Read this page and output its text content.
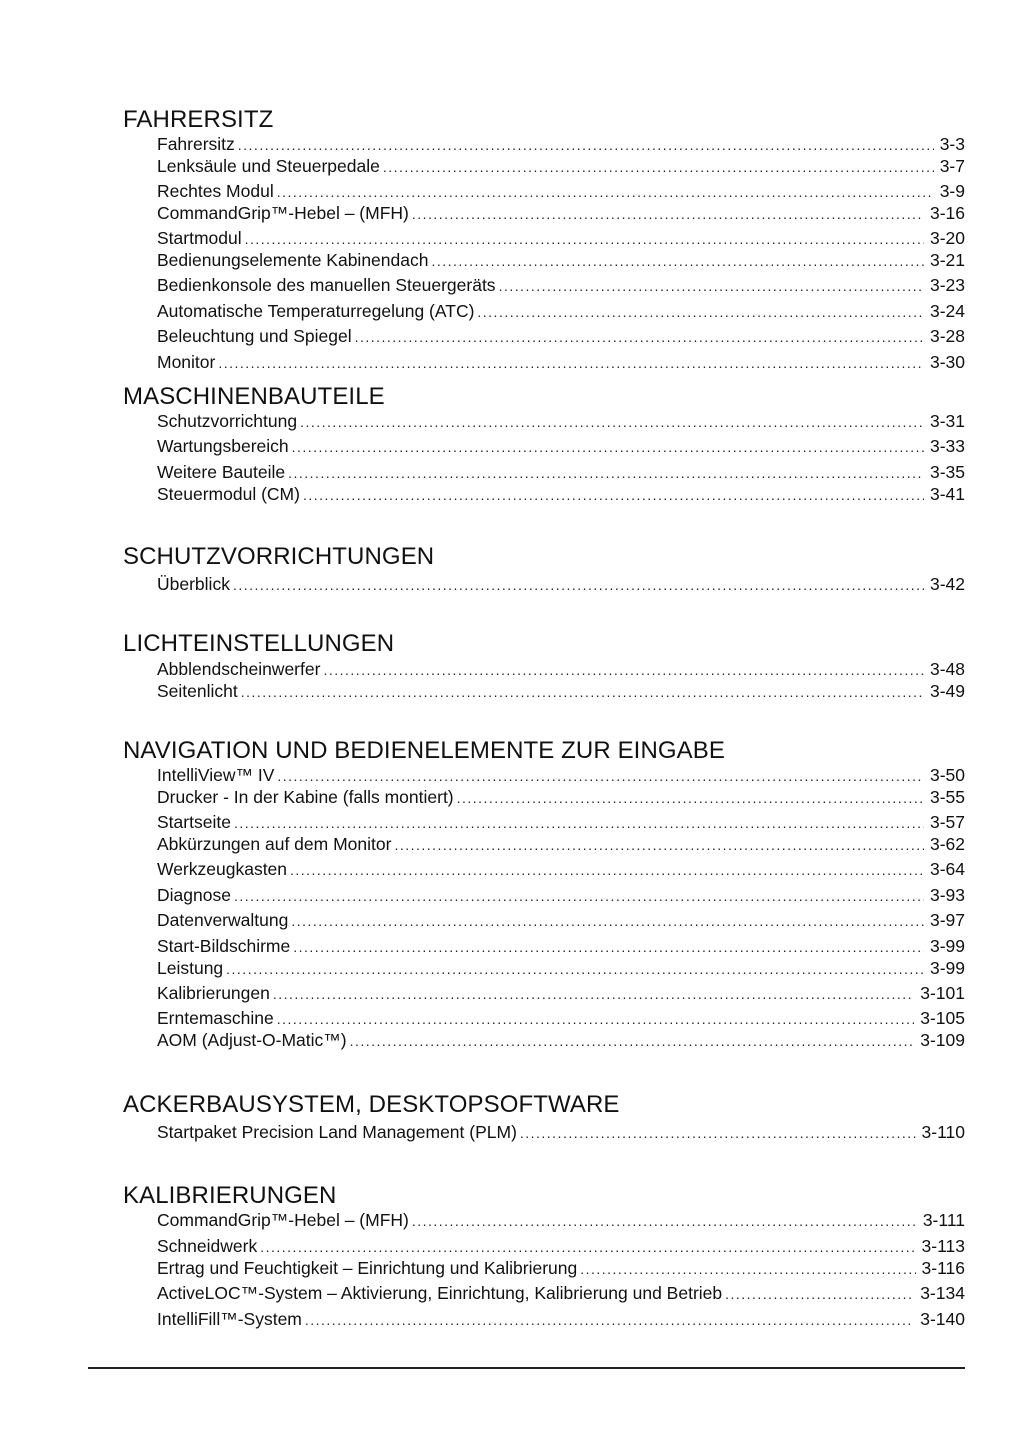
FAHRERSITZ
Fahrersitz . . .	3-3
Lenksäule und Steuerpedale . . .	3-7
Rechtes Modul . . .	3-9
CommandGrip™-Hebel – (MFH) . . .	3-16
Startmodul . . .	3-20
Bedienungselemente Kabinendach . . .	3-21
Bedienkonsole des manuellen Steuergeräts . . .	3-23
Automatische Temperaturregelung (ATC) . . .	3-24
Beleuchtung und Spiegel . . .	3-28
Monitor . . .	3-30
MASCHINENBAUTEILE
Schutzvorrichtung . . .	3-31
Wartungsbereich . . .	3-33
Weitere Bauteile . . .	3-35
Steuermodul (CM) . . .	3-41
SCHUTZVORRICHTUNGEN
Überblick . . .	3-42
LICHTEINSTELLUNGEN
Abblendscheinwerfer . . .	3-48
Seitenlicht . . .	3-49
NAVIGATION UND BEDIENELEMENTE ZUR EINGABE
IntelliView™ IV . . .	3-50
Drucker - In der Kabine (falls montiert) . . .	3-55
Startseite . . .	3-57
Abkürzungen auf dem Monitor . . .	3-62
Werkzeugkasten . . .	3-64
Diagnose . . .	3-93
Datenverwaltung . . .	3-97
Start-Bildschirme . . .	3-99
Leistung . . .	3-99
Kalibrierungen . . .	3-101
Erntemaschine . . .	3-105
AOM (Adjust-O-Matic™) . . .	3-109
ACKERBAUSYSTEM, DESKTOPSOFTWARE
Startpaket Precision Land Management (PLM) . . .	3-110
KALIBRIERUNGEN
CommandGrip™-Hebel – (MFH) . . .	3-111
Schneidwerk . . .	3-113
Ertrag und Feuchtigkeit – Einrichtung und Kalibrierung . . .	3-116
ActiveLOC™-System – Aktivierung, Einrichtung, Kalibrierung und Betrieb . . .	3-134
IntelliFill™-System . . .	3-140
